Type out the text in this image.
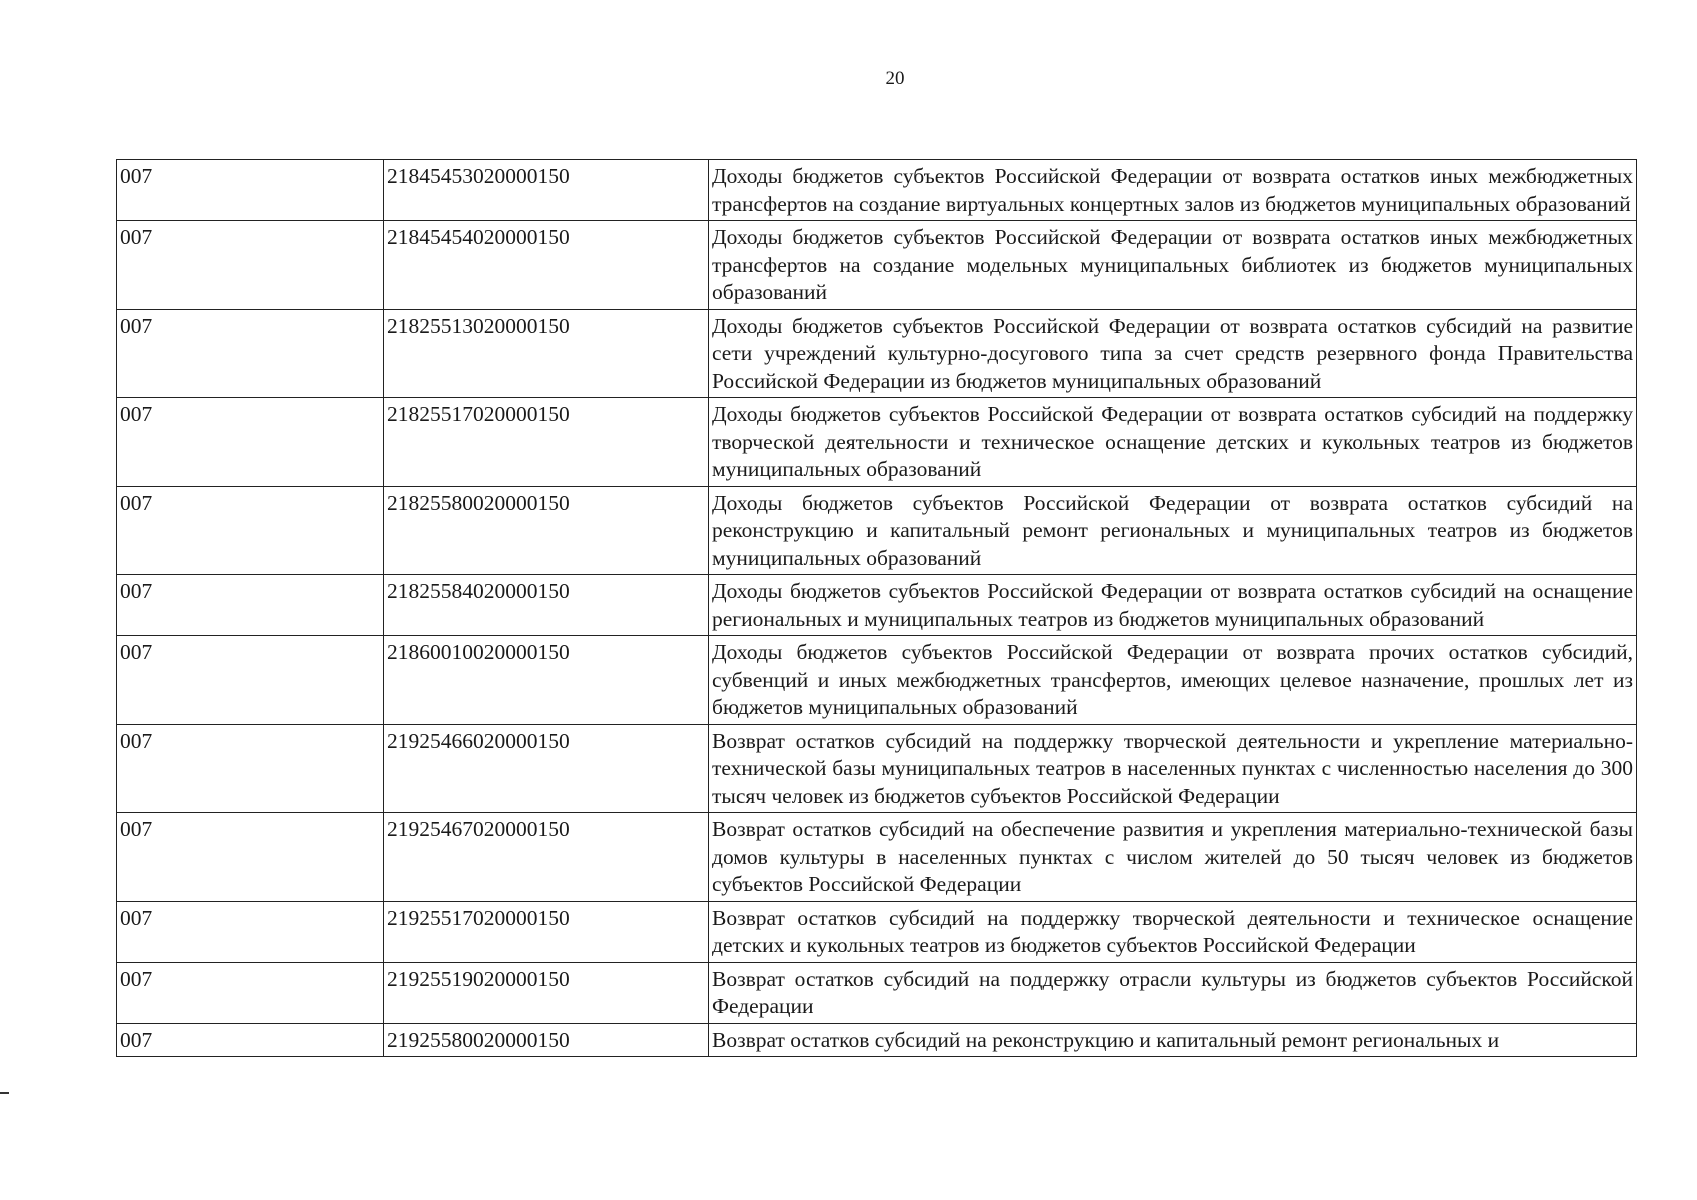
20
007	21845453020000150	Доходы бюджетов субъектов Российской Федерации от возврата остатков иных межбюджетных трансфертов на создание виртуальных концертных залов из бюджетов муниципальных образований
007	21845454020000150	Доходы бюджетов субъектов Российской Федерации от возврата остатков иных межбюджетных трансфертов на создание модельных муниципальных библиотек из бюджетов муниципальных образований
007	21825513020000150	Доходы бюджетов субъектов Российской Федерации от возврата остатков субсидий на развитие сети учреждений культурно-досугового типа за счет средств резервного фонда Правительства Российской Федерации из бюджетов муниципальных образований
007	21825517020000150	Доходы бюджетов субъектов Российской Федерации от возврата остатков субсидий на поддержку творческой деятельности и техническое оснащение детских и кукольных театров из бюджетов муниципальных образований
007	21825580020000150	Доходы бюджетов субъектов Российской Федерации от возврата остатков субсидий на реконструкцию и капитальный ремонт региональных и муниципальных театров из бюджетов муниципальных образований
007	21825584020000150	Доходы бюджетов субъектов Российской Федерации от возврата остатков субсидий на оснащение региональных и муниципальных театров из бюджетов муниципальных образований
007	21860010020000150	Доходы бюджетов субъектов Российской Федерации от возврата прочих остатков субсидий, субвенций и иных межбюджетных трансфертов, имеющих целевое назначение, прошлых лет из бюджетов муниципальных образований
007	21925466020000150	Возврат остатков субсидий на поддержку творческой деятельности и укрепление материально-технической базы муниципальных театров в населенных пунктах с численностью населения до 300 тысяч человек из бюджетов субъектов Российской Федерации
007	21925467020000150	Возврат остатков субсидий на обеспечение развития и укрепления материально-технической базы домов культуры в населенных пунктах с числом жителей до 50 тысяч человек из бюджетов субъектов Российской Федерации
007	21925517020000150	Возврат остатков субсидий на поддержку творческой деятельности и техническое оснащение детских и кукольных театров из бюджетов субъектов Российской Федерации
007	21925519020000150	Возврат остатков субсидий на поддержку отрасли культуры из бюджетов субъектов Российской Федерации
007	21925580020000150	Возврат остатков субсидий на реконструкцию и капитальный ремонт региональных и
